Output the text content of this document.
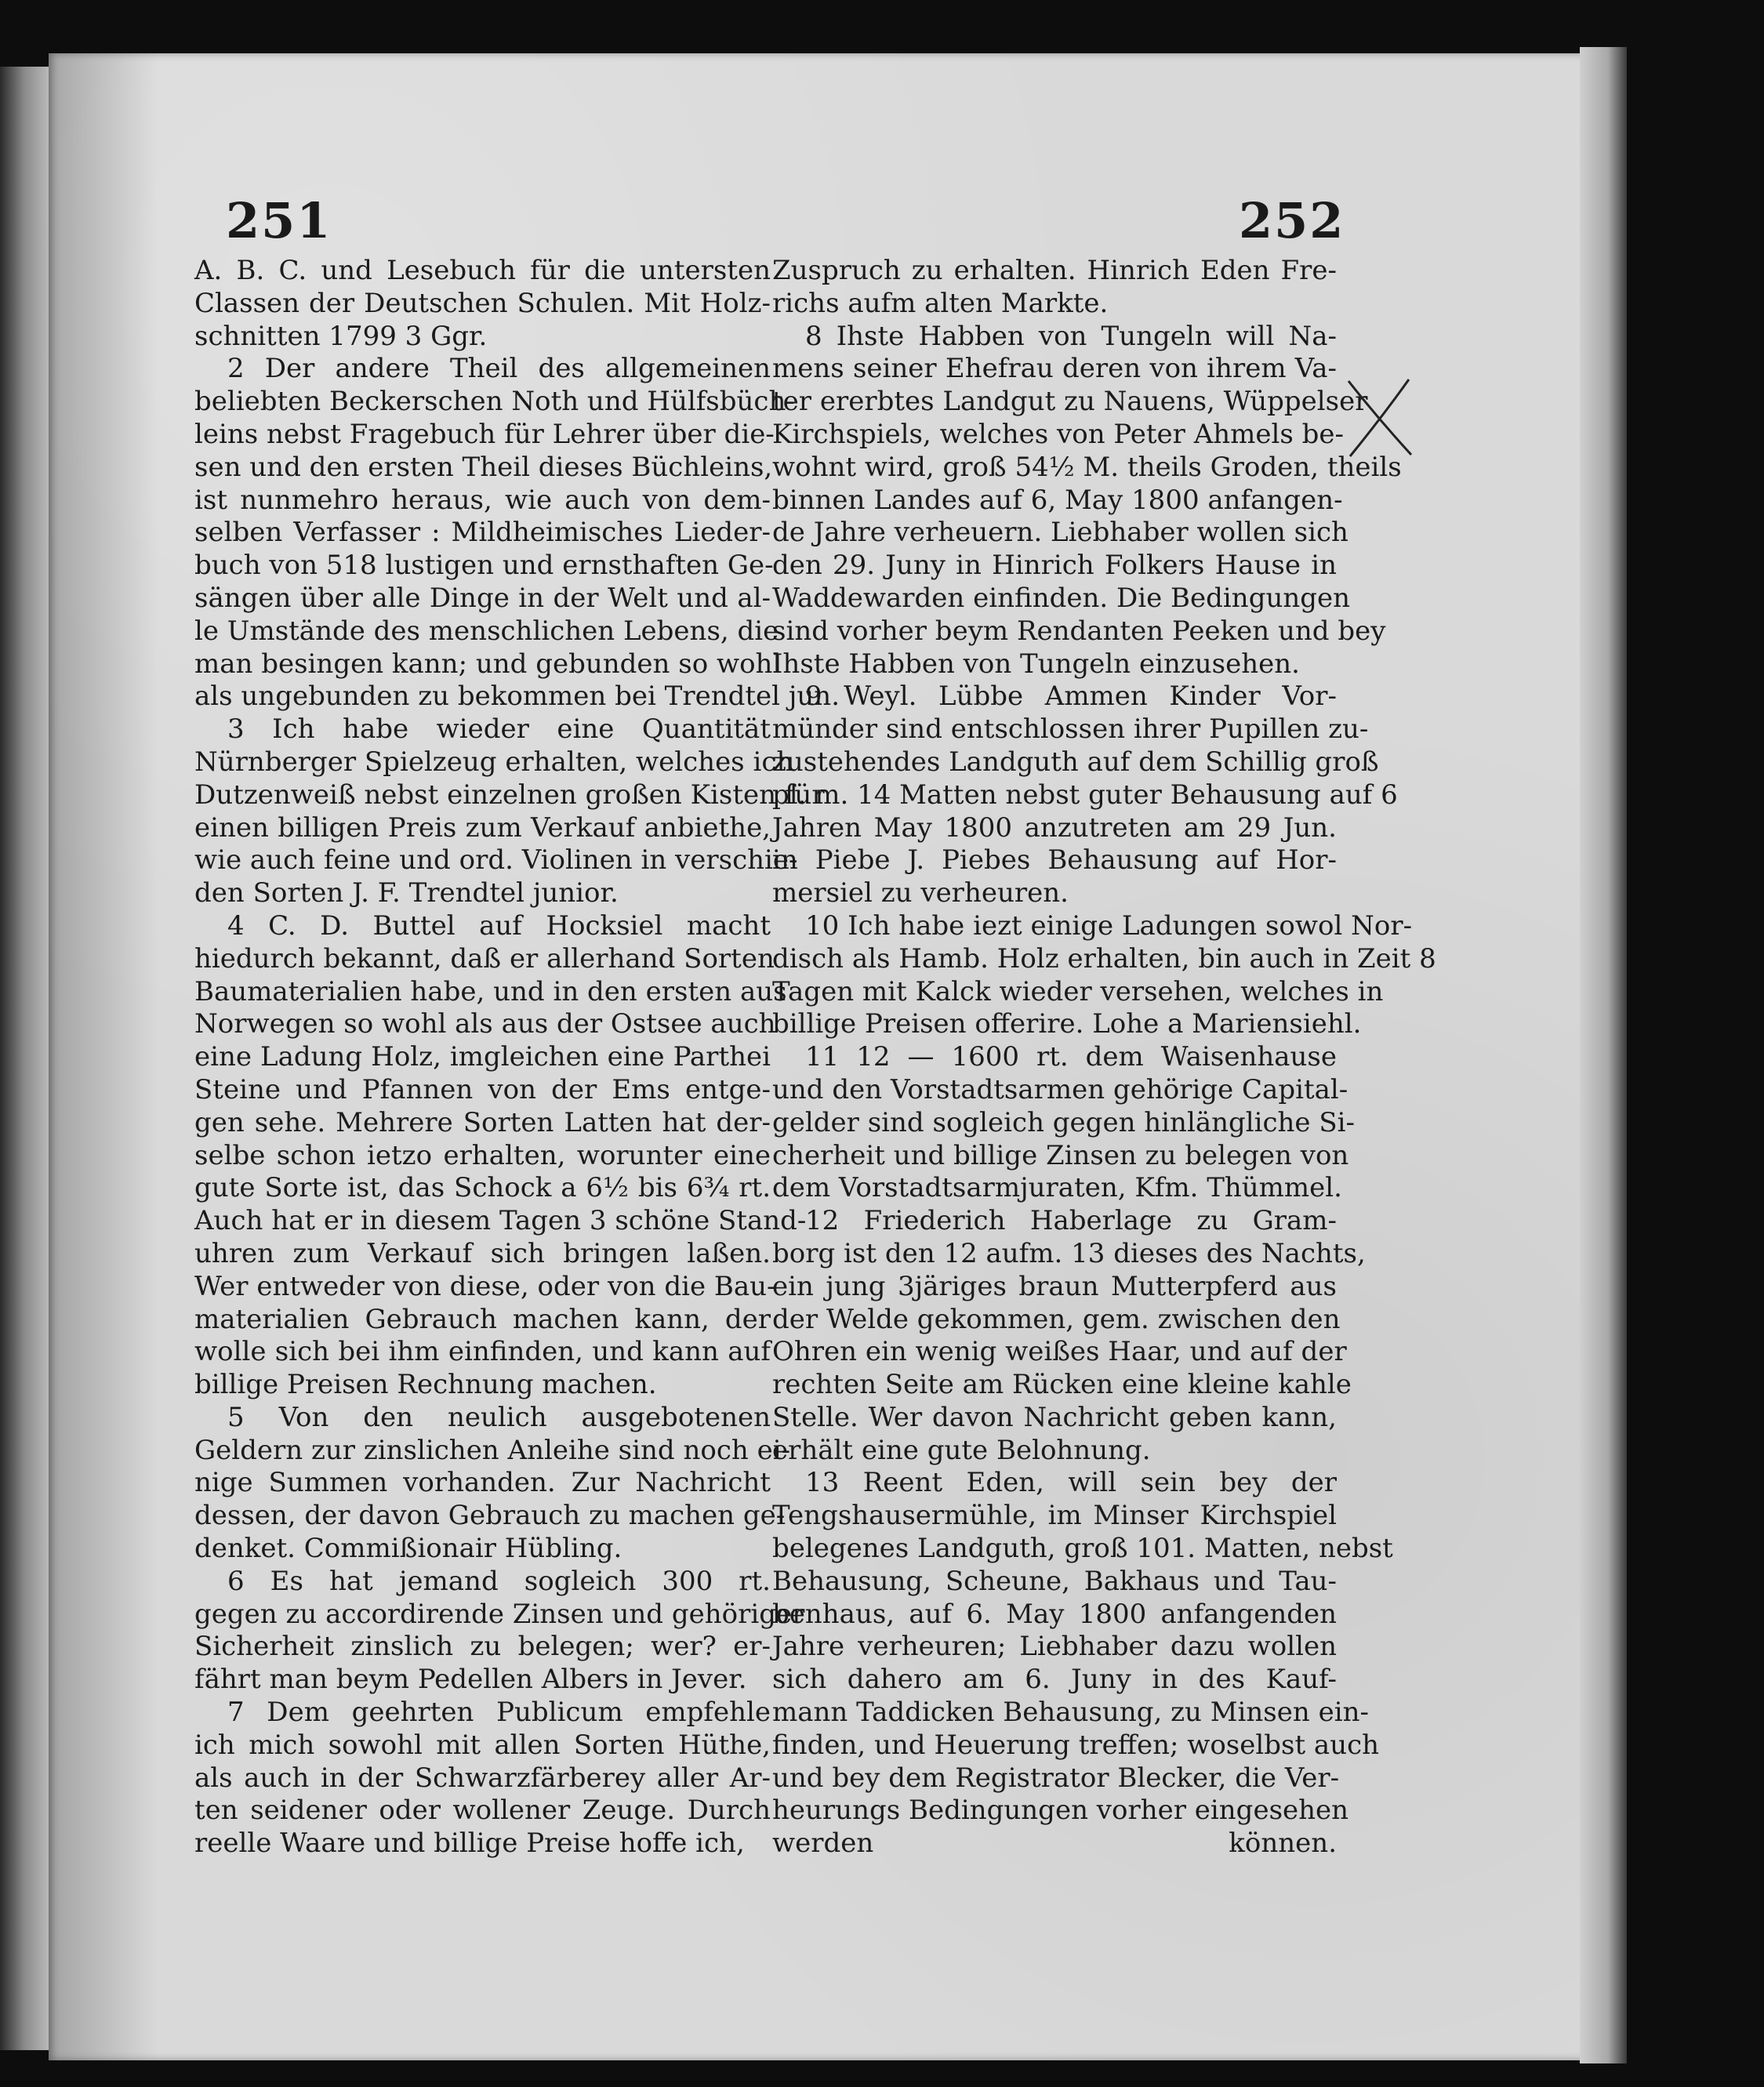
251	252
A. B. C. und Lesebuch für die untersten
Classen der Deutschen Schulen. Mit Holz-
schnitten 1799 3 Ggr.
2 Der andere Theil des allgemeinen
beliebten Beckerschen Noth und Hülfsbüch-
leins nebst Fragebuch für Lehrer über die-
sen und den ersten Theil dieses Büchleins,
ist nunmehro heraus, wie auch von dem-
selben Verfasser : Mildheimisches Lieder-
buch von 518 lustigen und ernsthaften Ge-
sängen über alle Dinge in der Welt und al-
le Umstände des menschlichen Lebens, die
man besingen kann; und gebunden so wohl
als ungebunden zu bekommen bei Trendtel jun.
3 Ich habe wieder eine Quantität
Nürnberger Spielzeug erhalten, welches ich
Dutzenweiß nebst einzelnen großen Kisten für
einen billigen Preis zum Verkauf anbiethe,
wie auch feine und ord. Violinen in verschie-
den Sorten J. F. Trendtel junior.
4 C. D. Buttel auf Hocksiel macht
hiedurch bekannt, daß er allerhand Sorten
Baumaterialien habe, und in den ersten aus
Norwegen so wohl als aus der Ostsee auch
eine Ladung Holz, imgleichen eine Parthei
Steine und Pfannen von der Ems entge-
gen sehe. Mehrere Sorten Latten hat der-
selbe schon ietzo erhalten, worunter eine
gute Sorte ist, das Schock a 6½ bis 6¾ rt.
Auch hat er in diesem Tagen 3 schöne Stand-
uhren zum Verkauf sich bringen laßen.
Wer entweder von diese, oder von die Bau-
materialien Gebrauch machen kann, der
wolle sich bei ihm einfinden, und kann auf
billige Preisen Rechnung machen.
5 Von den neulich ausgebotenen
Geldern zur zinslichen Anleihe sind noch ei-
nige Summen vorhanden. Zur Nachricht
dessen, der davon Gebrauch zu machen ge-
denket. Commißionair Hübling.
6 Es hat jemand sogleich 300 rt.
gegen zu accordirende Zinsen und gehöriger
Sicherheit zinslich zu belegen; wer? er-
fährt man beym Pedellen Albers in Jever.
7 Dem geehrten Publicum empfehle
ich mich sowohl mit allen Sorten Hüthe,
als auch in der Schwarzfärberey aller Ar-
ten seidener oder wollener Zeuge. Durch
reelle Waare und billige Preise hoffe ich,
Zuspruch zu erhalten. Hinrich Eden Fre-
richs aufm alten Markte.
8 Ihste Habben von Tungeln will Na-
mens seiner Ehefrau deren von ihrem Va-
ter ererbtes Landgut zu Nauens, Wüppelser
Kirchspiels, welches von Peter Ahmels be-
wohnt wird, groß 54½ M. theils Groden, theils
binnen Landes auf 6, May 1800 anfangen-
de Jahre verheuern. Liebhaber wollen sich
den 29. Juny in Hinrich Folkers Hause in
Waddewarden einfinden. Die Bedingungen
sind vorher beym Rendanten Peeken und bey
Ihste Habben von Tungeln einzusehen.
9 Weyl. Lübbe Ammen Kinder Vor-
münder sind entschlossen ihrer Pupillen zu-
zustehendes Landguth auf dem Schillig groß
pl. m. 14 Matten nebst guter Behausung auf 6
Jahren May 1800 anzutreten am 29 Jun.
in Piebe J. Piebes Behausung auf Hor-
mersiel zu verheuren.
10 Ich habe iezt einige Ladungen sowol Nor-
disch als Hamb. Holz erhalten, bin auch in Zeit 8
Tagen mit Kalck wieder versehen, welches in
billige Preisen offerire. Lohe a Mariensiehl.
11 12 — 1600 rt. dem Waisenhause
und den Vorstadtsarmen gehörige Capital-
gelder sind sogleich gegen hinlängliche Si-
cherheit und billige Zinsen zu belegen von
dem Vorstadtsarmjuraten, Kfm. Thümmel.
12 Friederich Haberlage zu Gram-
borg ist den 12 aufm. 13 dieses des Nachts,
ein jung 3järiges braun Mutterpferd aus
der Welde gekommen, gem. zwischen den
Ohren ein wenig weißes Haar, und auf der
rechten Seite am Rücken eine kleine kahle
Stelle. Wer davon Nachricht geben kann,
erhält eine gute Belohnung.
13 Reent Eden, will sein bey der
Tengshausermühle, im Minser Kirchspiel
belegenes Landguth, groß 101. Matten, nebst
Behausung, Scheune, Bakhaus und Tau-
benhaus, auf 6. May 1800 anfangenden
Jahre verheuren; Liebhaber dazu wollen
sich dahero am 6. Juny in des Kauf-
mann Taddicken Behausung, zu Minsen ein-
finden, und Heuerung treffen; woselbst auch
und bey dem Registrator Blecker, die Ver-
heurungs Bedingungen vorher eingesehen
werden können.
